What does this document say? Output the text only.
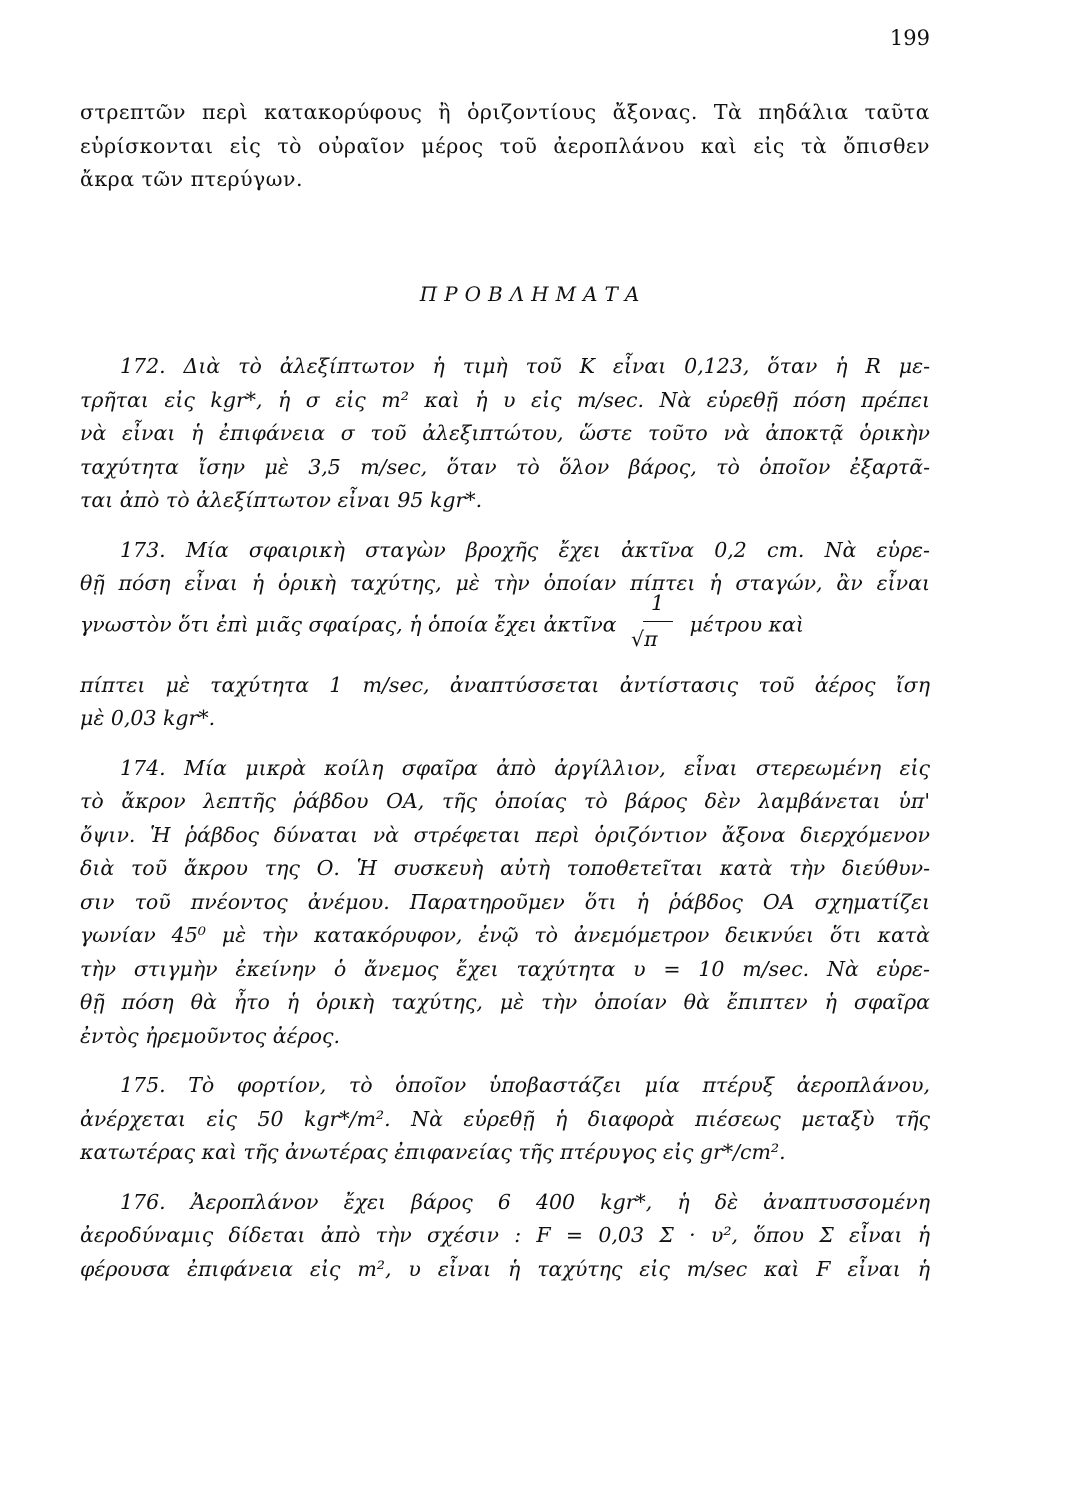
199
στρεπτῶν περὶ κατακορύφους ἢ ὁριζοντίους ἄξονας. Τὰ πηδάλια ταῦτα
εὑρίσκονται εἰς τὸ οὐραῖον μέρος τοῦ ἀεροπλάνου καὶ εἰς τὰ ὄπισθεν
ἄκρα τῶν πτερύγων.
ΠΡΟΒΛΗΜΑΤΑ
172. Διὰ τὸ ἀλεξίπτωτον ἡ τιμὴ τοῦ K εἶναι 0,123, ὅταν ἡ R με-
τρῆται εἰς kgr*, ἡ σ εἰς m² καὶ ἡ υ εἰς m/sec. Νὰ εὑρεθῇ πόση πρέπει
νὰ εἶναι ἡ ἐπιφάνεια σ τοῦ ἀλεξιπτώτου, ὥστε τοῦτο νὰ ἀποκτᾷ ὁρικὴν
ταχύτητα ἴσην μὲ 3,5 m/sec, ὅταν τὸ ὅλον βάρος, τὸ ὁποῖον ἐξαρτᾶ-
ται ἀπὸ τὸ ἀλεξίπτωτον εἶναι 95 kgr*.
173. Μία σφαιρικὴ σταγὼν βροχῆς ἔχει ἀκτῖνα 0,2 cm. Νὰ εὑρε-
θῇ πόση εἶναι ἡ ὁρικὴ ταχύτης, μὲ τὴν ὁποίαν πίπτει ἡ σταγών, ἂν εἶναι
γνωστὸν ὅτι ἐπὶ μιᾶς σφαίρας, ἡ ὁποία ἔχει ἀκτῖνα $\frac{1}{√\pi}$ μέτρου καὶ
πίπτει μὲ ταχύτητα 1 m/sec, ἀναπτύσσεται ἀντίστασις τοῦ ἀέρος ἴση
μὲ 0,03 kgr*.
174. Μία μικρὰ κοίλη σφαῖρα ἀπὸ ἀργίλλιον, εἶναι στερεωμένη εἰς
τὸ ἄκρον λεπτῆς ῥάβδου ΟΑ, τῆς ὁποίας τὸ βάρος δὲν λαμβάνεται ὑπ'
ὄψιν. Ἡ ῥάβδος δύναται νὰ στρέφεται περὶ ὁριζόντιον ἄξονα διερχόμενον
διὰ τοῦ ἄκρου της Ο. Ἡ συσκευὴ αὐτὴ τοποθετεῖται κατὰ τὴν διεύθυν-
σιν τοῦ πνέοντος ἀνέμου. Παρατηροῦμεν ὅτι ἡ ῥάβδος ΟΑ σχηματίζει
γωνίαν 45⁰ μὲ τὴν κατακόρυφον, ἐνῷ τὸ ἀνεμόμετρον δεικνύει ὅτι κατὰ
τὴν στιγμὴν ἐκείνην ὁ ἄνεμος ἔχει ταχύτητα υ = 10 m/sec. Νὰ εὑρε-
θῇ πόση θὰ ἦτο ἡ ὁρικὴ ταχύτης, μὲ τὴν ὁποίαν θὰ ἔπιπτεν ἡ σφαῖρα
ἐντὸς ἠρεμοῦντος ἀέρος.
175. Τὸ φορτίον, τὸ ὁποῖον ὑποβαστάζει μία πτέρυξ ἀεροπλάνου,
ἀνέρχεται εἰς 50 kgr*/m². Νὰ εὑρεθῇ ἡ διαφορὰ πιέσεως μεταξὺ τῆς
κατωτέρας καὶ τῆς ἀνωτέρας ἐπιφανείας τῆς πτέρυγος εἰς gr*/cm².
176. Ἀεροπλάνον ἔχει βάρος 6 400 kgr*, ἡ δὲ ἀναπτυσσομένη
ἀεροδύναμις δίδεται ἀπὸ τὴν σχέσιν : F = 0,03 Σ · υ², ὅπου Σ εἶναι ἡ
φέρουσα ἐπιφάνεια εἰς m², υ εἶναι ἡ ταχύτης εἰς m/sec καὶ F εἶναι ἡ
